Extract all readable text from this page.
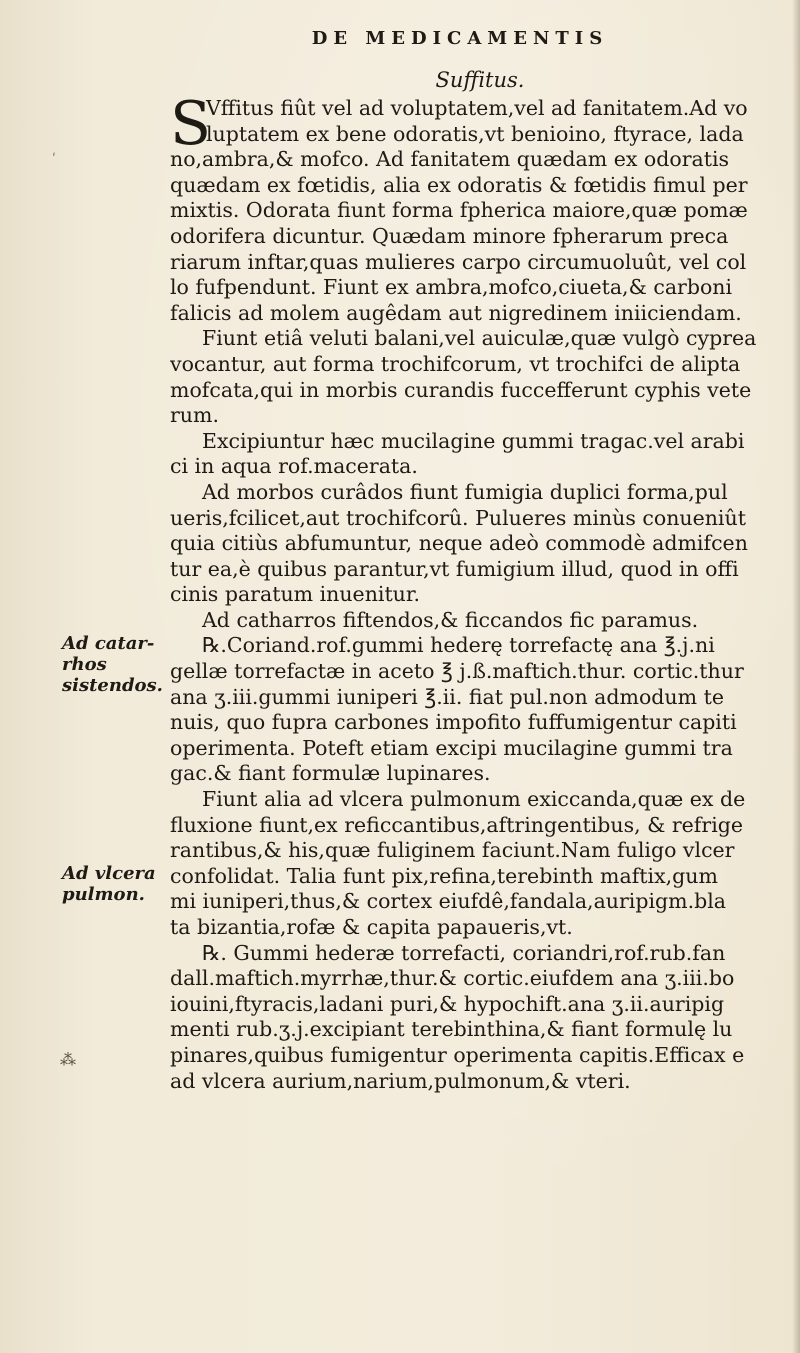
DE MEDICAMENTIS
Suffitus.
ʹ
Ad catar-
rhos sistendos.
Ad vlcera
pulmon.
⁂
S
Vffitus fiût vel ad voluptatem,vel ad fanitatem.Ad vo
luptatem ex bene odoratis,vt benioino, ftyrace, lada
no,ambra,& mofco. Ad fanitatem quædam ex odoratis
quædam ex fœtidis, alia ex odoratis & fœtidis fimul per
mixtis. Odorata fiunt forma fpherica maiore,quæ pomæ
odorifera dicuntur. Quædam minore fpherarum preca
riarum inftar,quas mulieres carpo circumuoluût, vel col
lo fufpendunt. Fiunt ex ambra,mofco,ciueta,& carboni
falicis ad molem augêdam aut nigredinem iniiciendam.
Fiunt etiâ veluti balani,vel auiculæ,quæ vulgò cyprea
vocantur, aut forma trochifcorum, vt trochifci de alipta
mofcata,qui in morbis curandis fuccefferunt cyphis vete
rum.
Excipiuntur hæc mucilagine gummi tragac.vel arabi
ci in aqua rof.macerata.
Ad morbos curâdos fiunt fumigia duplici forma,pul
ueris,fcilicet,aut trochifcorû. Pulueres minùs conueniût
quia citiùs abfumuntur, neque adeò commodè admifcen
tur ea,è quibus parantur,vt fumigium illud, quod in offi
cinis paratum inuenitur.
Ad catharros fiftendos,& ficcandos fic paramus.
℞.Coriand.rof.gummi hederę torrefactę ana ℥.j.ni
gellæ torrefactæ in aceto ℥ j.ß.maftich.thur. cortic.thur
ana ʒ.iii.gummi iuniperi ℥.ii. fiat pul.non admodum te
nuis, quo fupra carbones impofito fuffumigentur capiti
operimenta. Poteft etiam excipi mucilagine gummi tra
gac.& fiant formulæ lupinares.
Fiunt alia ad vlcera pulmonum exiccanda,quæ ex de
fluxione fiunt,ex reficcantibus,aftringentibus, & refrige
rantibus,& his,quæ fuliginem faciunt.Nam fuligo vlcer
confolidat. Talia funt pix,refina,terebinth maftix,gum
mi iuniperi,thus,& cortex eiufdê,fandala,auripigm.bla
ta bizantia,rofæ & capita papaueris,vt.
℞. Gummi hederæ torrefacti, coriandri,rof.rub.fan
dall.maftich.myrrhæ,thur.& cortic.eiufdem ana ʒ.iii.bo
iouini,ftyracis,ladani puri,& hypochift.ana ʒ.ii.auripig
menti rub.ʒ.j.excipiant terebinthina,& fiant formulę lu
pinares,quibus fumigentur operimenta capitis.Efficax e
ad vlcera aurium,narium,pulmonum,& vteri.
